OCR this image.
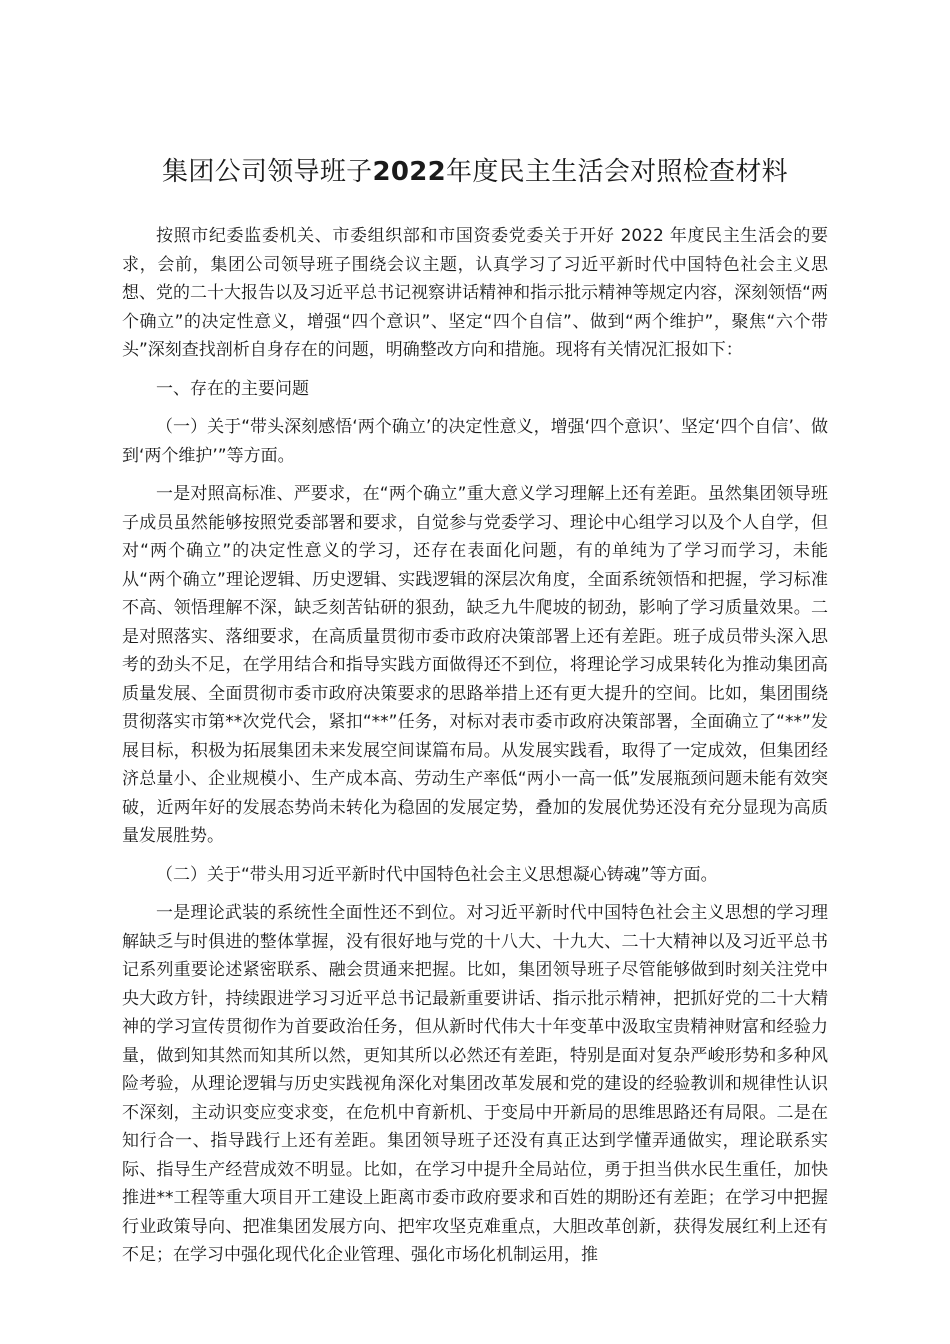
集团公司领导班子2022年度民主生活会对照检查材料

按照市纪委监委机关、市委组织部和市国资委党委关于开好 2022 年度民主生活会的要求，会前，集团公司领导班子围绕会议主题，认真学习了习近平新时代中国特色社会主义思想、党的二十大报告以及习近平总书记视察讲话精神和指示批示精神等规定内容，深刻领悟“两个确立”的决定性意义，增强“四个意识”、坚定“四个自信”、做到“两个维护”，聚焦“六个带头”深刻查找剖析自身存在的问题，明确整改方向和措施。现将有关情况汇报如下：

一、存在的主要问题

（一）关于“带头深刻感悟‘两个确立’的决定性意义，增强‘四个意识’、坚定‘四个自信’、做到‘两个维护’”等方面。

一是对照高标准、严要求，在“两个确立”重大意义学习理解上还有差距。虽然集团领导班子成员虽然能够按照党委部署和要求，自觉参与党委学习、理论中心组学习以及个人自学，但对“两个确立”的决定性意义的学习，还存在表面化问题，有的单纯为了学习而学习，未能从“两个确立”理论逻辑、历史逻辑、实践逻辑的深层次角度，全面系统领悟和把握，学习标准不高、领悟理解不深，缺乏刻苦钻研的狠劲，缺乏九牛爬坡的韧劲，影响了学习质量效果。二是对照落实、落细要求，在高质量贯彻市委市政府决策部署上还有差距。班子成员带头深入思考的劲头不足，在学用结合和指导实践方面做得还不到位，将理论学习成果转化为推动集团高质量发展、全面贯彻市委市政府决策要求的思路举措上还有更大提升的空间。比如，集团围绕贯彻落实市第**次党代会，紧扣“**”任务，对标对表市委市政府决策部署，全面确立了“**”发展目标，积极为拓展集团未来发展空间谋篇布局。从发展实践看，取得了一定成效，但集团经济总量小、企业规模小、生产成本高、劳动生产率低“两小一高一低”发展瓶颈问题未能有效突破，近两年好的发展态势尚未转化为稳固的发展定势，叠加的发展优势还没有充分显现为高质量发展胜势。

（二）关于“带头用习近平新时代中国特色社会主义思想凝心铸魂”等方面。

一是理论武装的系统性全面性还不到位。对习近平新时代中国特色社会主义思想的学习理解缺乏与时俱进的整体掌握，没有很好地与党的十八大、十九大、二十大精神以及习近平总书记系列重要论述紧密联系、融会贯通来把握。比如，集团领导班子尽管能够做到时刻关注党中央大政方针，持续跟进学习习近平总书记最新重要讲话、指示批示精神，把抓好党的二十大精神的学习宣传贯彻作为首要政治任务，但从新时代伟大十年变革中汲取宝贵精神财富和经验力量，做到知其然而知其所以然，更知其所以必然还有差距，特别是面对复杂严峻形势和多种风险考验，从理论逻辑与历史实践视角深化对集团改革发展和党的建设的经验教训和规律性认识不深刻，主动识变应变求变，在危机中育新机、于变局中开新局的思维思路还有局限。二是在知行合一、指导践行上还有差距。集团领导班子还没有真正达到学懂弄通做实，理论联系实际、指导生产经营成效不明显。比如，在学习中提升全局站位，勇于担当供水民生重任，加快推进**工程等重大项目开工建设上距离市委市政府要求和百姓的期盼还有差距；在学习中把握行业政策导向、把准集团发展方向、把牢攻坚克难重点，大胆改革创新，获得发展红利上还有不足；在学习中强化现代化企业管理、强化市场化机制运用，推
